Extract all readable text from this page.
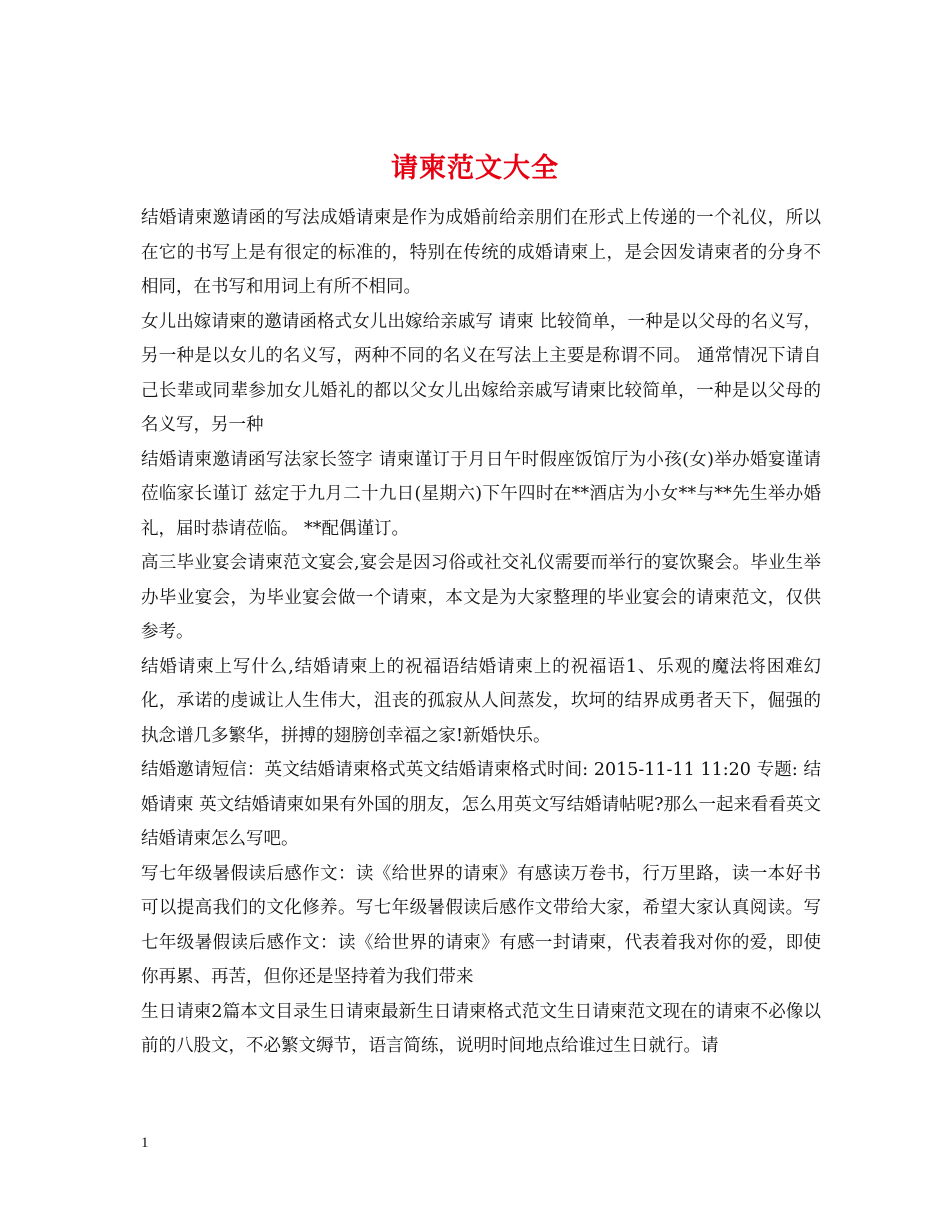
请柬范文大全

结婚请柬邀请函的写法成婚请柬是作为成婚前给亲朋们在形式上传递的一个礼仪，所以在它的书写上是有很定的标准的，特别在传统的成婚请柬上，是会因发请柬者的分身不相同，在书写和用词上有所不相同。

女儿出嫁请柬的邀请函格式女儿出嫁给亲戚写 请柬 比较简单，一种是以父母的名义写，另一种是以女儿的名义写，两种不同的名义在写法上主要是称谓不同。 通常情况下请自己长辈或同辈参加女儿婚礼的都以父女儿出嫁给亲戚写请柬比较简单，一种是以父母的名义写，另一种

结婚请柬邀请函写法家长签字 请柬谨订于月日午时假座饭馆厅为小孩(女)举办婚宴谨请莅临家长谨订 兹定于九月二十九日(星期六)下午四时在**酒店为小女**与**先生举办婚礼，届时恭请莅临。 **配偶谨订。

高三毕业宴会请柬范文宴会,宴会是因习俗或社交礼仪需要而举行的宴饮聚会。毕业生举办毕业宴会，为毕业宴会做一个请柬，本文是为大家整理的毕业宴会的请柬范文，仅供参考。

结婚请柬上写什么,结婚请柬上的祝福语结婚请柬上的祝福语1、乐观的魔法将困难幻化，承诺的虔诚让人生伟大，沮丧的孤寂从人间蒸发，坎坷的结界成勇者天下，倔强的执念谱几多繁华，拼搏的翅膀创幸福之家!新婚快乐。

结婚邀请短信：英文结婚请柬格式英文结婚请柬格式时间: 2015-11-11 11:20 专题: 结婚请柬 英文结婚请柬如果有外国的朋友，怎么用英文写结婚请帖呢?那么一起来看看英文结婚请柬怎么写吧。

写七年级暑假读后感作文：读《给世界的请柬》有感读万卷书，行万里路，读一本好书可以提高我们的文化修养。写七年级暑假读后感作文带给大家，希望大家认真阅读。写七年级暑假读后感作文：读《给世界的请柬》有感一封请柬，代表着我对你的爱，即使你再累、再苦，但你还是坚持着为我们带来

生日请柬2篇本文目录生日请柬最新生日请柬格式范文生日请柬范文现在的请柬不必像以前的八股文，不必繁文缛节，语言简练，说明时间地点给谁过生日就行。请

1
